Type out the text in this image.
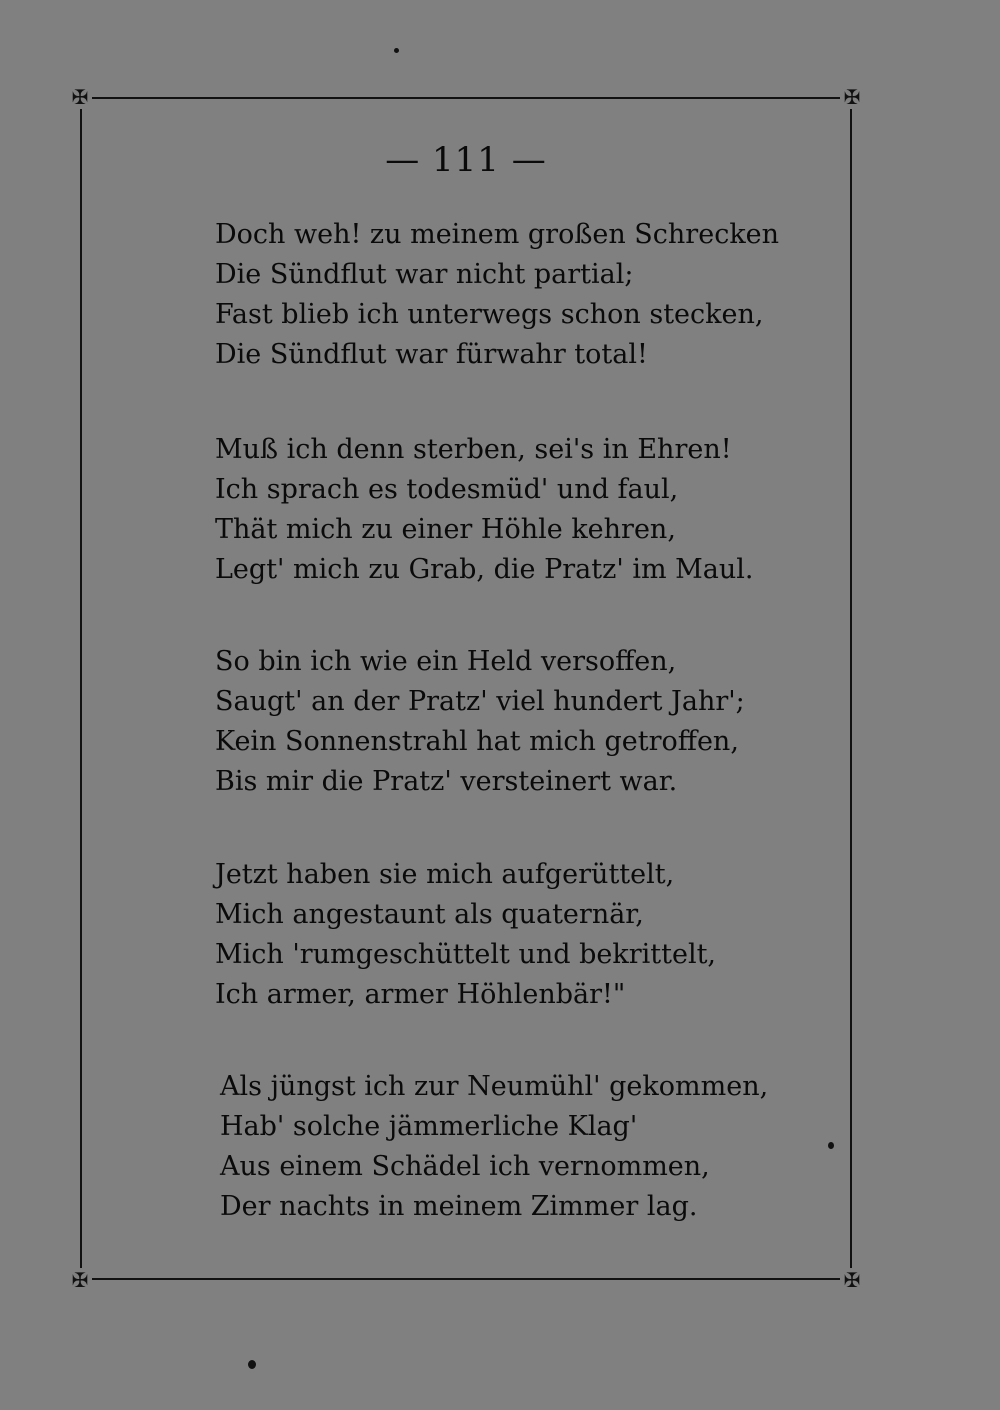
✠	✠
✠	✠
— 111 —
Doch weh! zu meinem großen Schrecken
Die Sündflut war nicht partial;
Fast blieb ich unterwegs schon stecken,
Die Sündflut war fürwahr total!
Muß ich denn sterben, sei's in Ehren!
Ich sprach es todesmüd' und faul,
Thät mich zu einer Höhle kehren,
Legt' mich zu Grab, die Pratz' im Maul.
So bin ich wie ein Held versoffen,
Saugt' an der Pratz' viel hundert Jahr';
Kein Sonnenstrahl hat mich getroffen,
Bis mir die Pratz' versteinert war.
Jetzt haben sie mich aufgerüttelt,
Mich angestaunt als quaternär,
Mich 'rumgeschüttelt und bekrittelt,
Ich armer, armer Höhlenbär!"
Als jüngst ich zur Neumühl' gekommen,
Hab' solche jämmerliche Klag'
Aus einem Schädel ich vernommen,
Der nachts in meinem Zimmer lag.
